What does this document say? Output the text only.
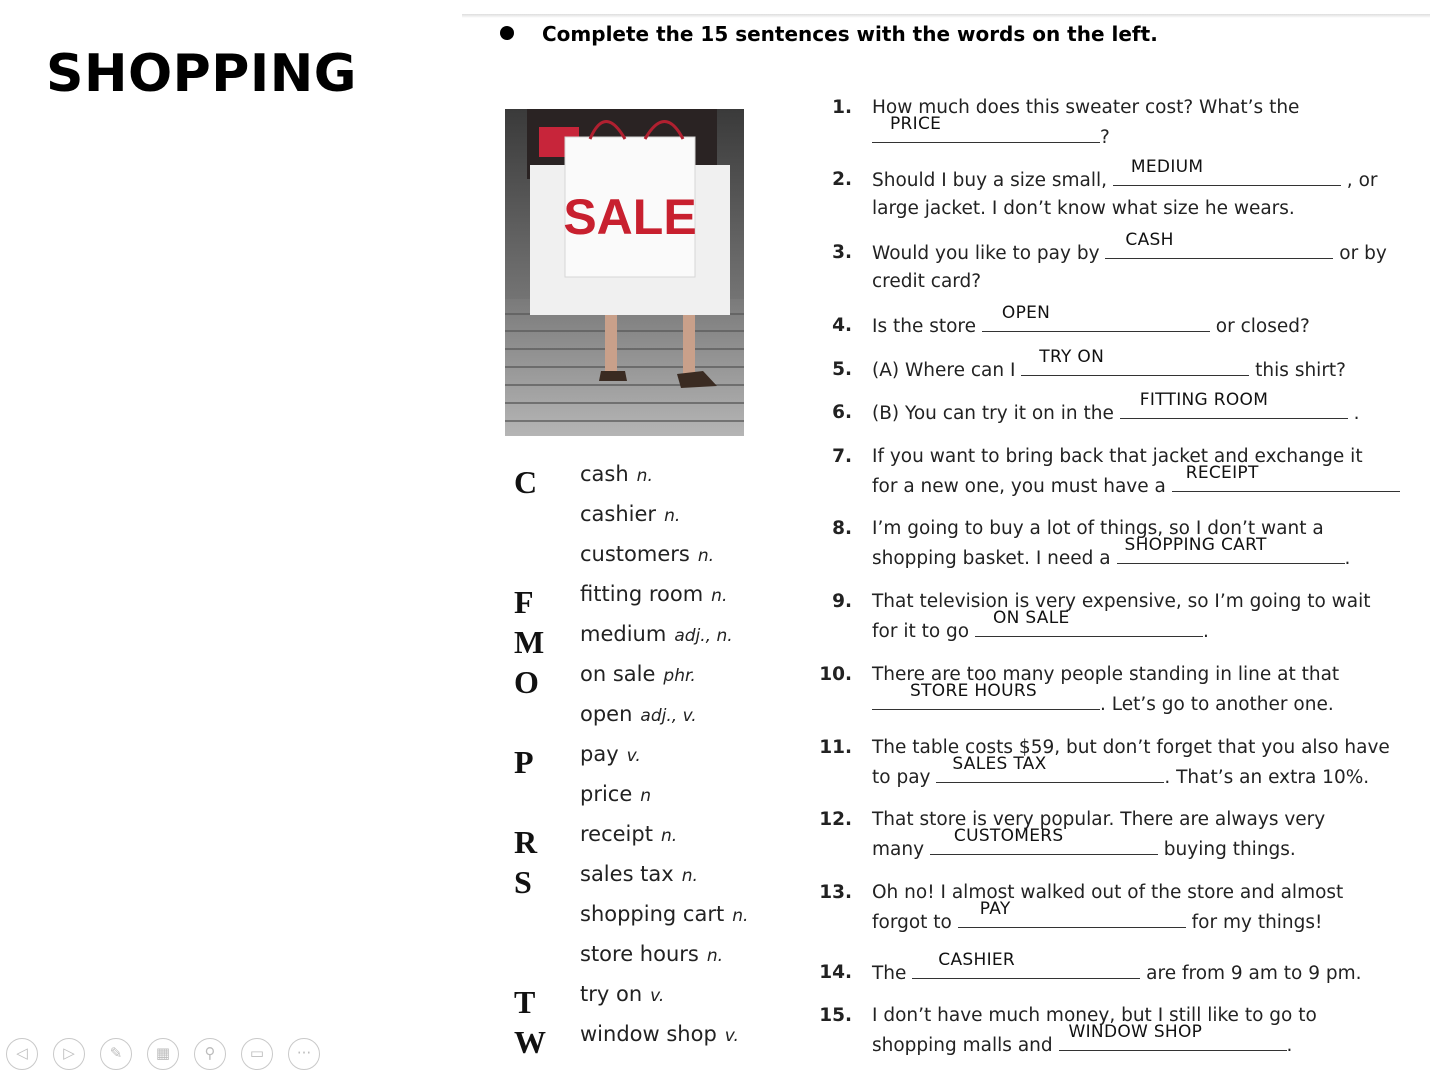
SHOPPING
Complete the 15 sentences with the words on the left.
SALE
C cash n.
cashier n.
customers n.
F fitting room n.
M medium adj., n.
O on sale phr.
open adj., v.
P pay v.
price n
R receipt n.
S sales tax n.
shopping cart n.
store hours n.
T try on v.
W window shop v.
1. How much does this sweater cost? What’s the
PRICE
?
2. Should I buy a size small,
MEDIUM
, or
large jacket. I don’t know what size he wears.
3. Would you like to pay by
CASH
or by
credit card?
4. Is the store
OPEN
or closed?
5. (A) Where can I
TRY ON
this shirt?
6. (B) You can try it on in the
FITTING ROOM
.
7. If you want to bring back that jacket and exchange it
for a new one, you must have a
RECEIPT
8. I’m going to buy a lot of things, so I don’t want a
shopping basket. I need a
SHOPPING CART
.
9. That television is very expensive, so I’m going to wait
for it to go
ON SALE
.
10. There are too many people standing in line at that
STORE HOURS
. Let’s go to another one.
11. The table costs $59, but don’t forget that you also have
to pay
SALES TAX
. That’s an extra 10%.
12. That store is very popular. There are always very
many
CUSTOMERS
buying things.
13. Oh no! I almost walked out of the store and almost
forgot to
PAY
for my things!
14. The
CASHIER
are from 9 am to 9 pm.
15. I don’t have much money, but I still like to go to
shopping malls and
WINDOW SHOP
.
◁	▷	✎	▦	⚲	▭	···
